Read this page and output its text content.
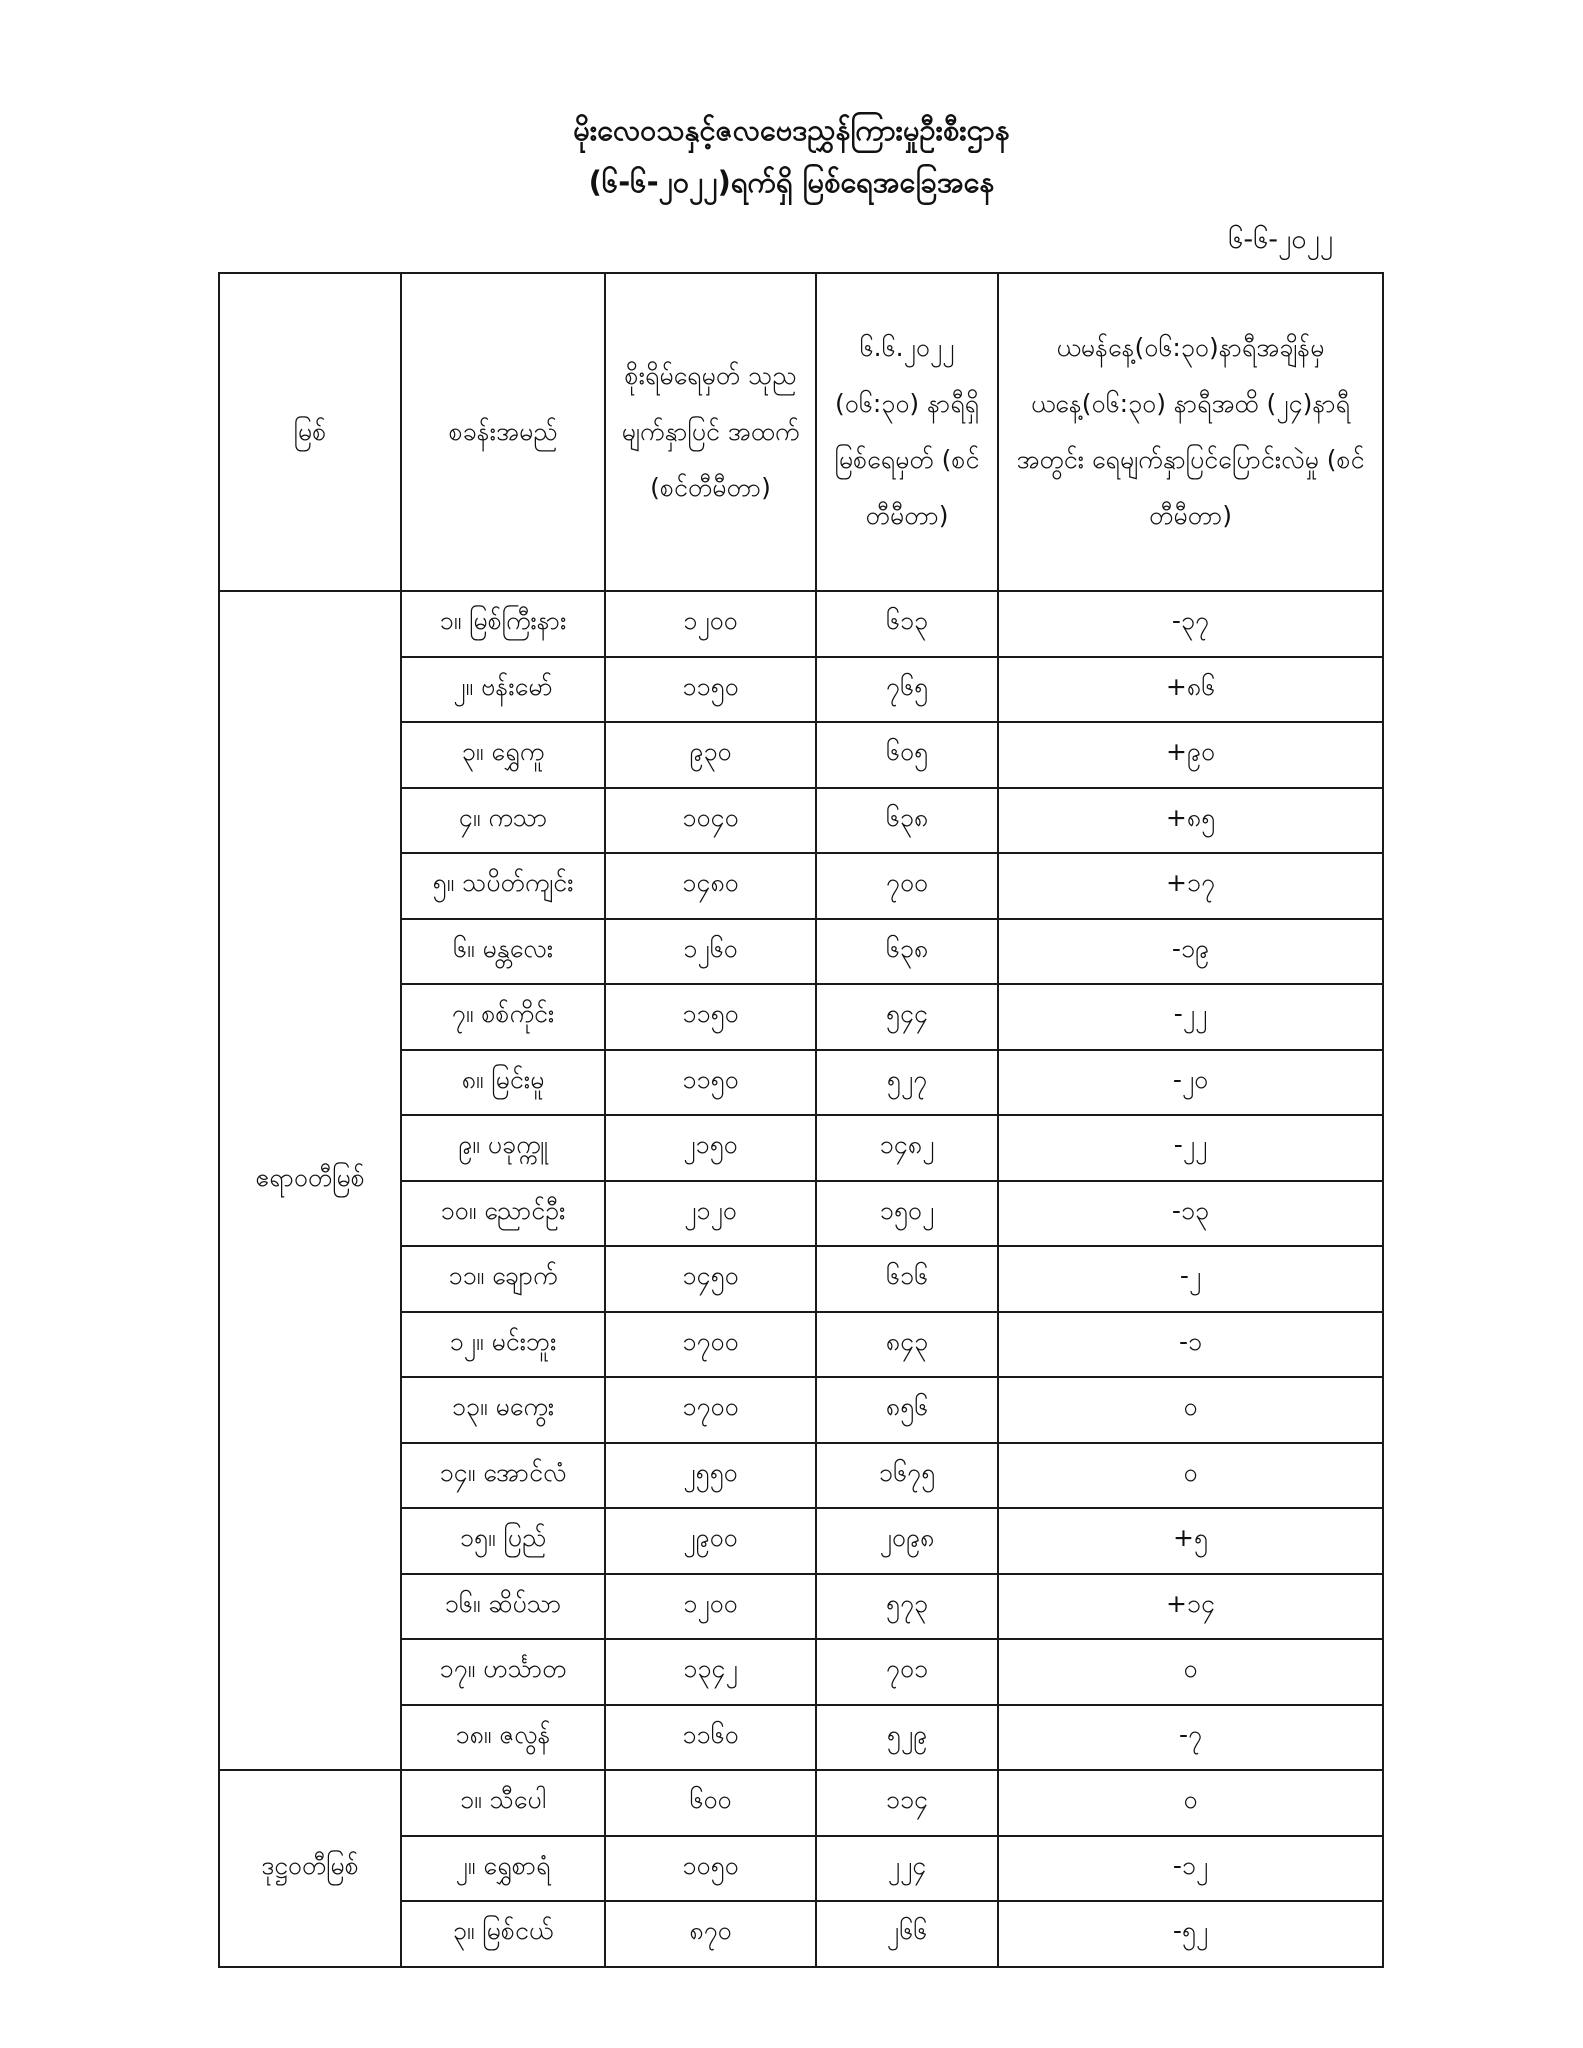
မိုးလေဝသနှင့်ဇလဗေဒညွှန်ကြားမှုဦးစီးဌာန
(၆-၆-၂၀၂၂)ရက်ရှိ မြစ်ရေအခြေအနေ
၆-၆-၂၀၂၂
မြစ်	စခန်းအမည်	စိုးရိမ်ရေမှတ် သုည မျက်နှာပြင် အထက် (စင်တီမီတာ)	၆.၆.၂၀၂၂ (၀၆:၃၀) နာရီရှိ မြစ်ရေမှတ် (စင်တီမီတာ)	ယမန်နေ့(၀၆:၃၀)နာရီအချိန်မှ ယနေ့(၀၆:၃၀) နာရီအထိ (၂၄)နာရီအတွင်း ရေမျက်နှာပြင်ပြောင်းလဲမှု (စင်တီမီတာ)
ဧရာဝတီမြစ်	၁။ မြစ်ကြီးနား	၁၂၀၀	၆၁၃	-၃၇
	၂။ ဗန်းမော်	၁၁၅၀	၇၆၅	+၈၆
	၃။ ရွှေကူ	၉၃၀	၆၀၅	+၉၀
	၄။ ကသာ	၁၀၄၀	၆၃၈	+၈၅
	၅။ သပိတ်ကျင်း	၁၄၈၀	၇၀၀	+၁၇
	၆။ မန္တလေး	၁၂၆၀	၆၃၈	-၁၉
	၇။ စစ်ကိုင်း	၁၁၅၀	၅၄၄	-၂၂
	၈။ မြင်းမူ	၁၁၅၀	၅၂၇	-၂၀
	၉။ ပခုက္ကူ	၂၁၅၀	၁၄၈၂	-၂၂
	၁၀။ ညောင်ဦး	၂၁၂၀	၁၅၀၂	-၁၃
	၁၁။ ချောက်	၁၄၅၀	၆၁၆	-၂
	၁၂။ မင်းဘူး	၁၇၀၀	၈၄၃	-၁
	၁၃။ မကွေး	၁၇၀၀	၈၅၆	၀
	၁၄။ အောင်လံ	၂၅၅၀	၁၆၇၅	၀
	၁၅။ ပြည်	၂၉၀၀	၂၀၉၈	+၅
	၁၆။ ဆိပ်သာ	၁၂၀၀	၅၇၃	+၁၄
	၁၇။ ဟင်္သာတ	၁၃၄၂	၇၀၁	၀
	၁၈။ ဇလွန်	၁၁၆၀	၅၂၉	-၇
ဒုဋ္ဌဝတီမြစ်	၁။ သီပေါ	၆၀၀	၁၁၄	၀
	၂။ ရွှေစာရံ	၁၀၅၀	၂၂၄	-၁၂
	၃။ မြစ်ငယ်	၈၇၀	၂၆၆	-၅၂
